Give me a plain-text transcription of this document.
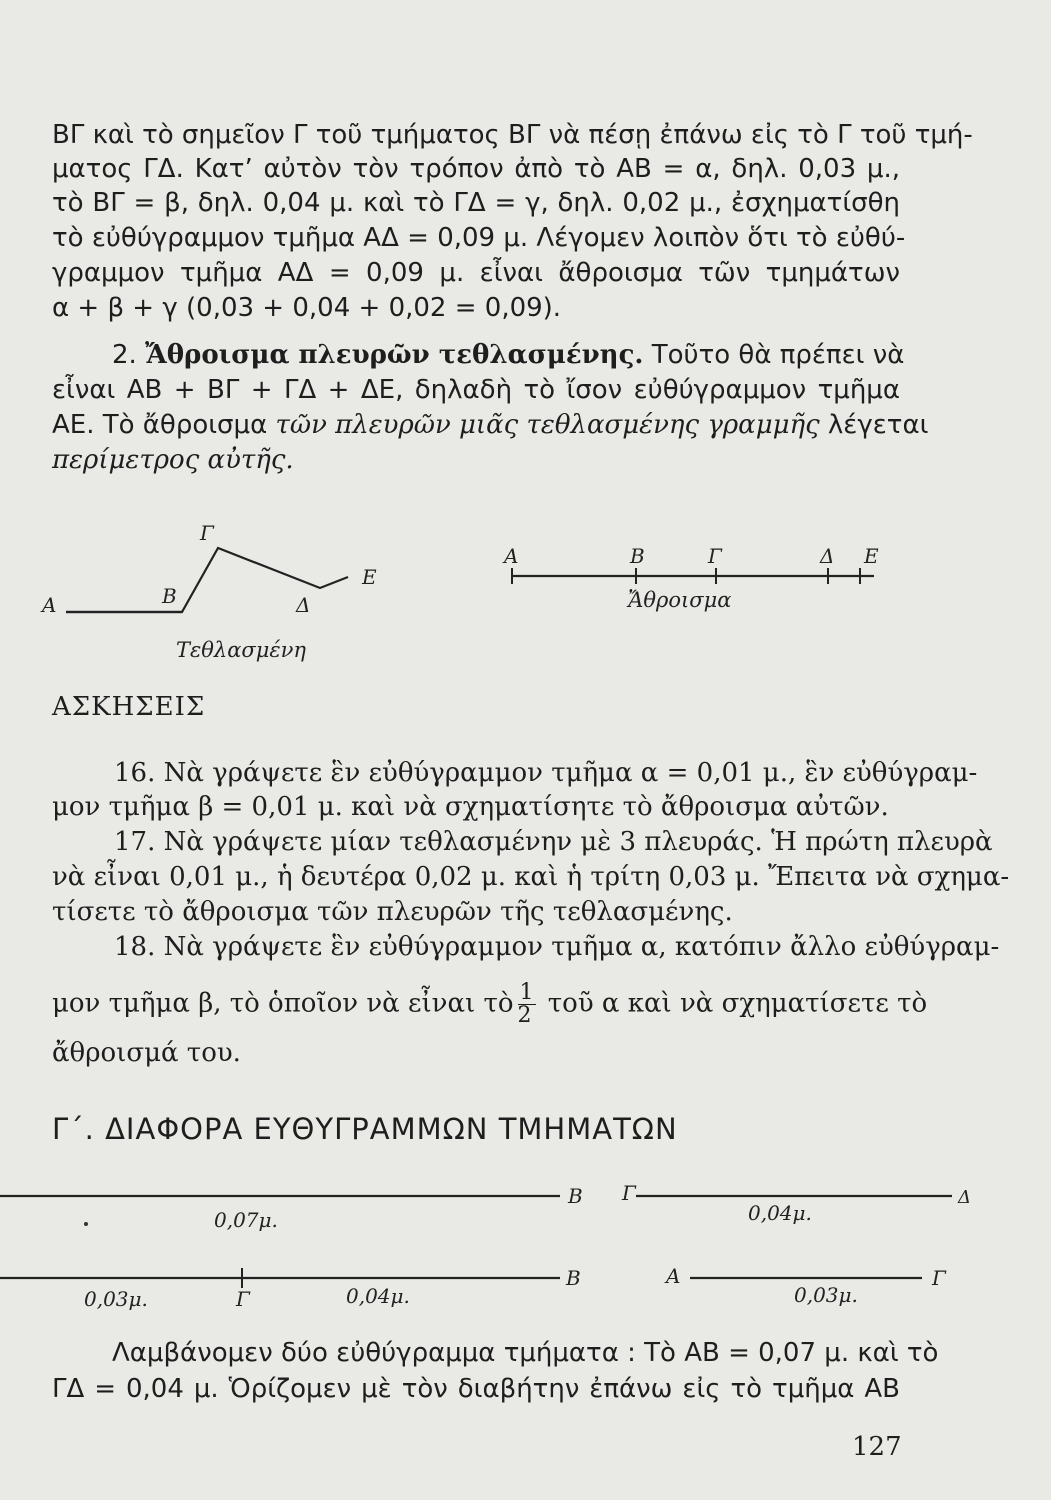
ΒΓ καὶ τὸ σημεῖον Γ τοῦ τμήματος ΒΓ νὰ πέσῃ ἐπάνω εἰς τὸ Γ τοῦ τμή-
ματος ΓΔ. Κατ’ αὐτὸν τὸν τρόπον ἀπὸ τὸ ΑΒ = α, δηλ. 0,03 μ.,
τὸ ΒΓ = β, δηλ. 0,04 μ. καὶ τὸ ΓΔ = γ, δηλ. 0,02 μ., ἐσχηματίσθη
τὸ εὐθύγραμμον τμῆμα ΑΔ = 0,09 μ. Λέγομεν λοιπὸν ὅτι τὸ εὐθύ-
γραμμον τμῆμα ΑΔ = 0,09 μ. εἶναι ἄθροισμα τῶν τμημάτων
α + β + γ (0,03 + 0,04 + 0,02 = 0,09).
2. Ἄθροισμα πλευρῶν τεθλασμένης. Τοῦτο θὰ πρέπει νὰ
εἶναι ΑΒ + ΒΓ + ΓΔ + ΔΕ, δηλαδὴ τὸ ἴσον εὐθύγραμμον τμῆμα
ΑΕ. Τὸ ἄθροισμα τῶν πλευρῶν μιᾶς τεθλασμένης γραμμῆς λέγεται
περίμετρος αὐτῆς.
Α	Β
Γ
Δ
Ε
Τεθλασμένη
Α	Β	Γ	Δ Ε
Ἄθροισμα
Β
0,07μ.
Γ	Δ
0,04μ.
Β
Γ
0,03μ.	0,04μ.
Α	Γ
0,03μ.
ΑΣΚΗΣΕΙΣ
16. Νὰ γράψετε ἓν εὐθύγραμμον τμῆμα α = 0,01 μ., ἓν εὐθύγραμ-
μον τμῆμα β = 0,01 μ. καὶ νὰ σχηματίσητε τὸ ἄθροισμα αὐτῶν.
17. Νὰ γράψετε μίαν τεθλασμένην μὲ 3 πλευράς. Ἡ πρώτη πλευρὰ
νὰ εἶναι 0,01 μ., ἡ δευτέρα 0,02 μ. καὶ ἡ τρίτη 0,03 μ. Ἔπειτα νὰ σχημα-
τίσετε τὸ ἄθροισμα τῶν πλευρῶν τῆς τεθλασμένης.
18. Νὰ γράψετε ἓν εὐθύγραμμον τμῆμα α, κατόπιν ἄλλο εὐθύγραμ-
μον τμῆμα β, τὸ ὁποῖον νὰ εἶναι τὸ $\frac{1}{2}$ τοῦ α καὶ νὰ σχηματίσετε τὸ
ἄθροισμά του.
Γ΄. ΔΙΑΦΟΡΑ ΕΥΘΥΓΡΑΜΜΩΝ ΤΜΗΜΑΤΩΝ
Λαμβάνομεν δύο εὐθύγραμμα τμήματα : Τὸ ΑΒ = 0,07 μ. καὶ τὸ
ΓΔ = 0,04 μ. Ὁρίζομεν μὲ τὸν διαβήτην ἐπάνω εἰς τὸ τμῆμα ΑΒ
127
